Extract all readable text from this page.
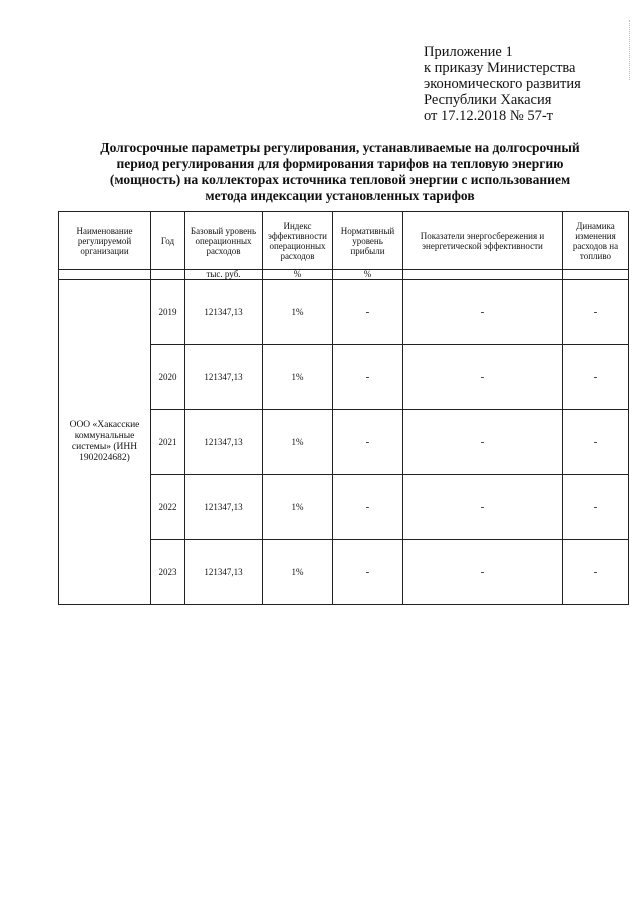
Приложение 1
к приказу Министерства
экономического развития
Республики Хакасия
от 17.12.2018 № 57-т
Долгосрочные параметры регулирования, устанавливаемые на долгосрочный
период регулирования для формирования тарифов на тепловую энергию
(мощность) на коллекторах источника тепловой энергии с использованием
метода индексации установленных тарифов
Наименование регулируемой организации	Год	Базовый уровень операционных расходов	Индекс эффективности операционных расходов	Нормативный уровень прибыли	Показатели энергосбережения и энергетической эффективности	Динамика изменения расходов на топливо
		тыс. руб.	%	%		
ООО «Хакасские коммунальные системы» (ИНН 1902024682)	2019	121347,13	1%	-	-	-
	2020	121347,13	1%	-	-	-
	2021	121347,13	1%	-	-	-
	2022	121347,13	1%	-	-	-
	2023	121347,13	1%	-	-	-
